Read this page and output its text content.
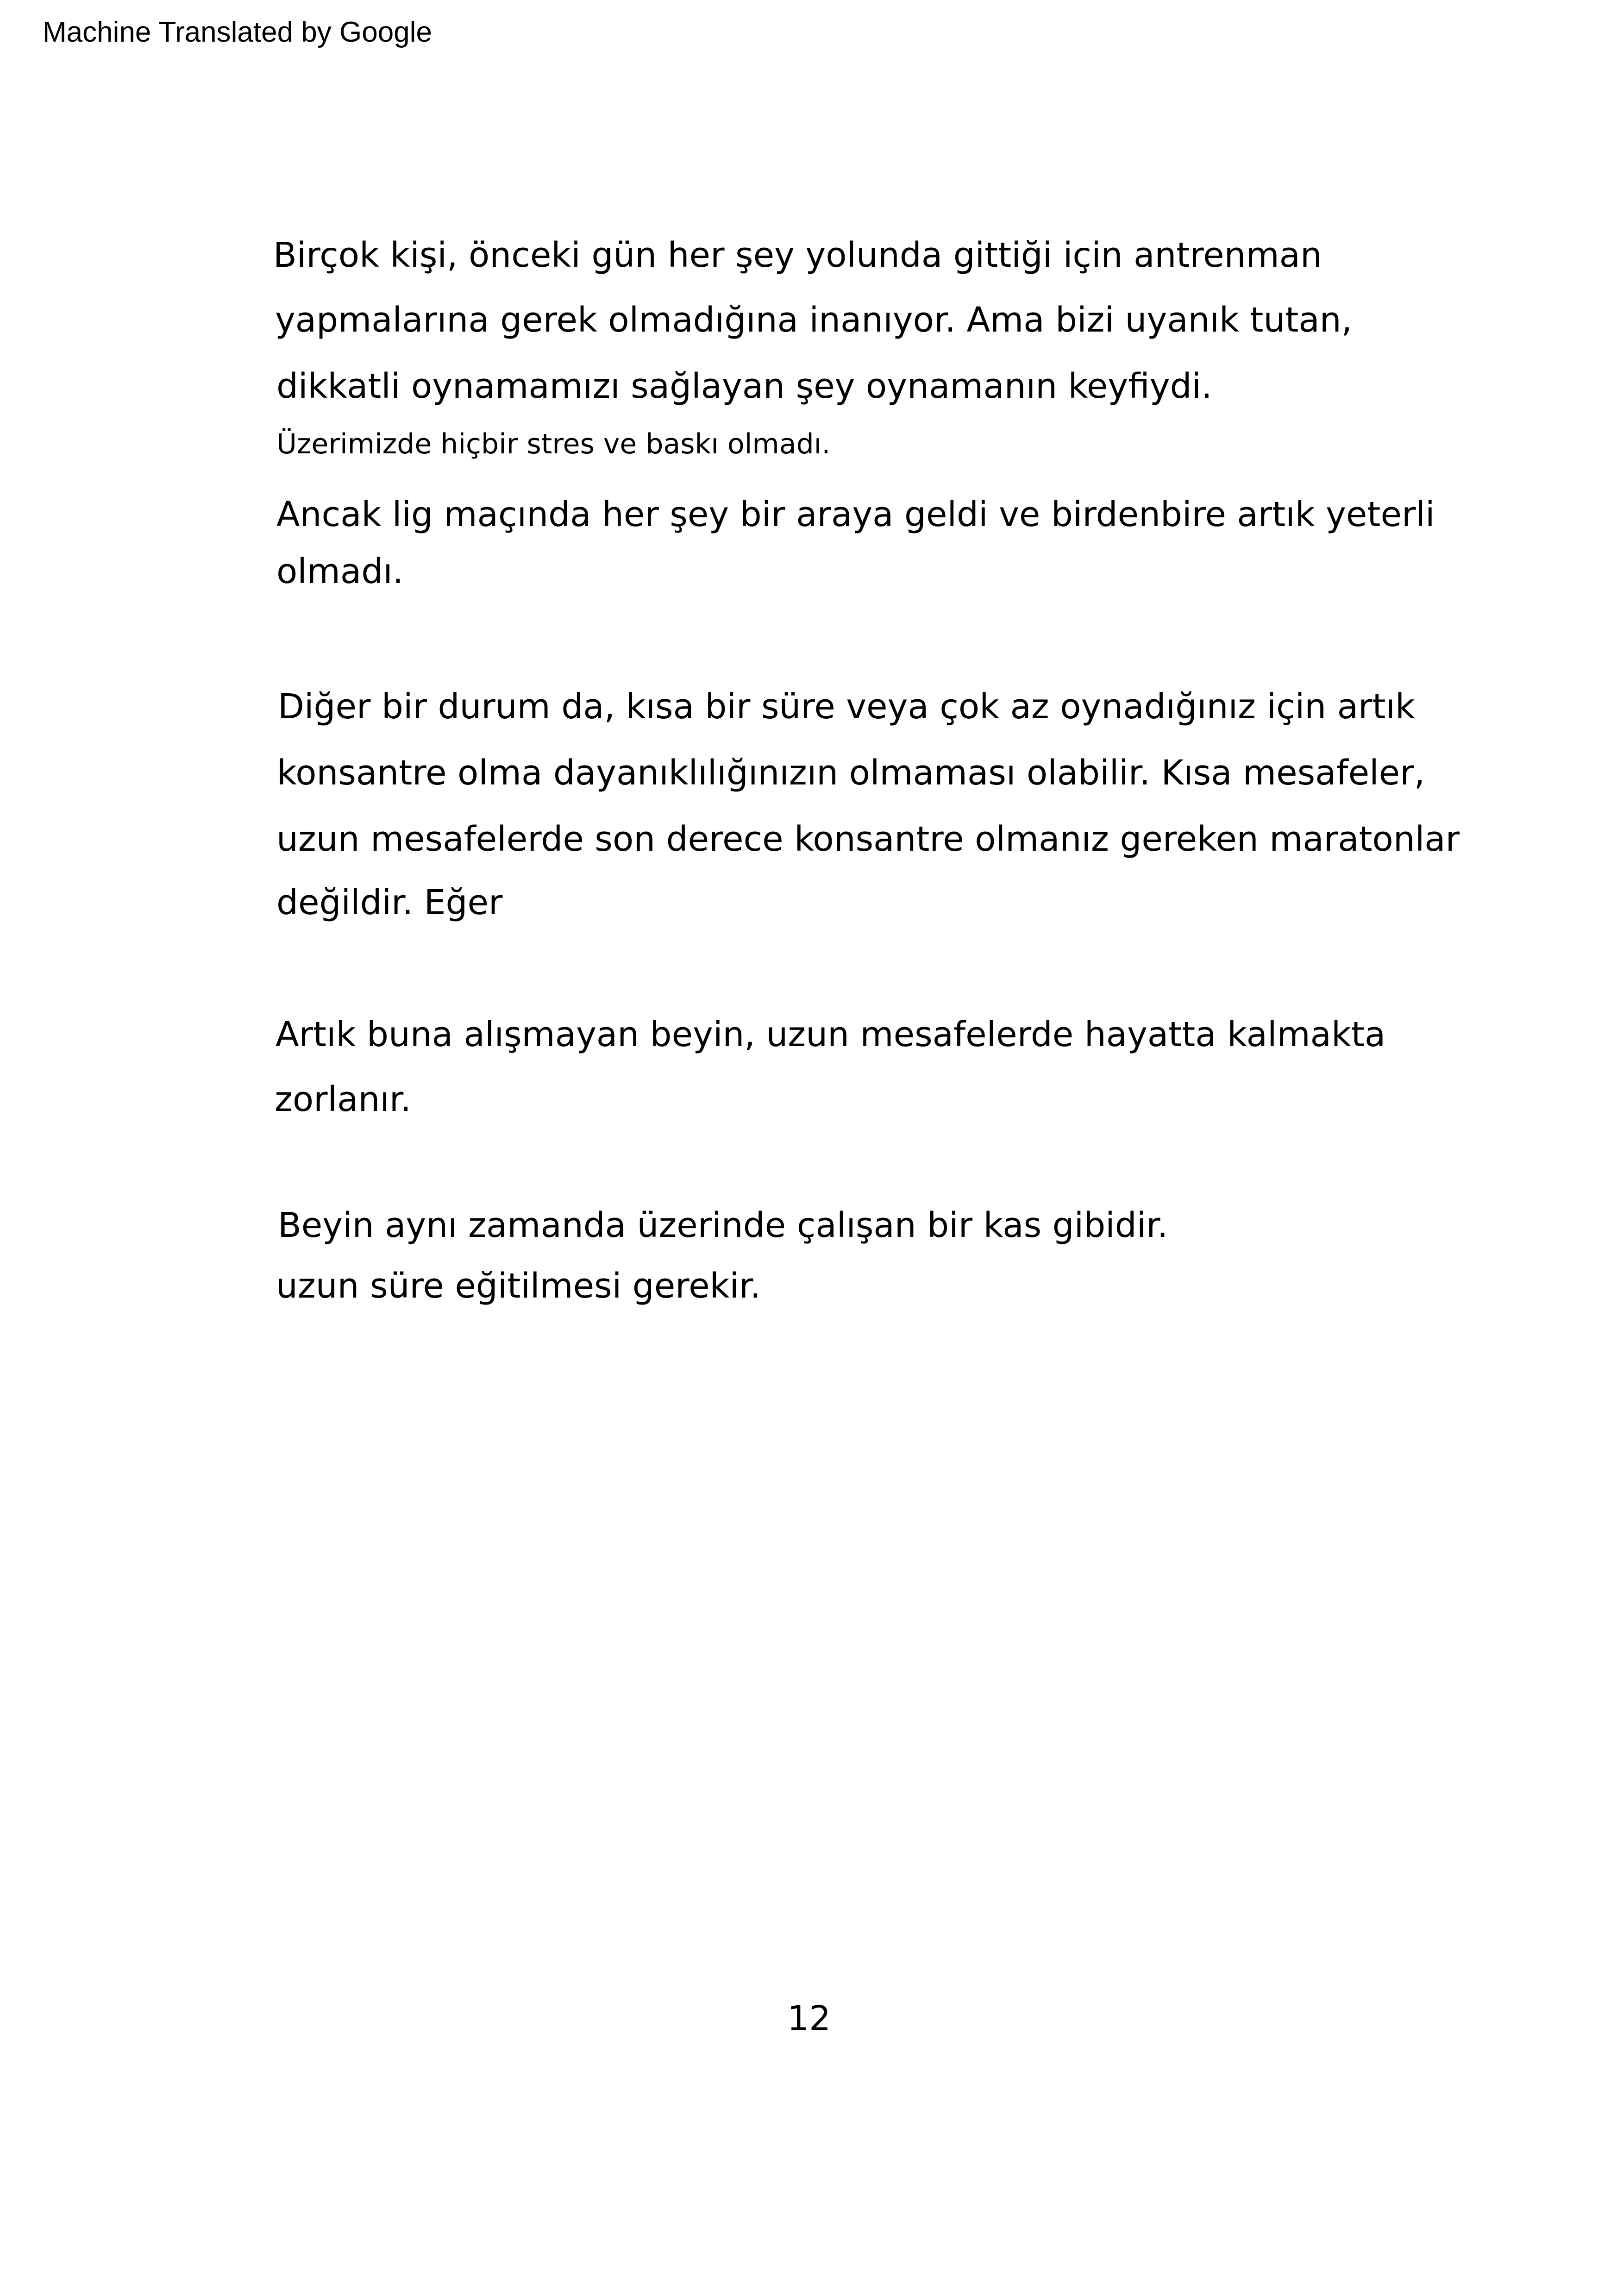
Machine Translated by Google
Birçok kişi, önceki gün her şey yolunda gittiği için antrenman
yapmalarına gerek olmadığına inanıyor. Ama bizi uyanık tutan,
dikkatli oynamamızı sağlayan şey oynamanın keyfiydi.
Üzerimizde hiçbir stres ve baskı olmadı.
Ancak lig maçında her şey bir araya geldi ve birdenbire artık yeterli
olmadı.
Diğer bir durum da, kısa bir süre veya çok az oynadığınız için artık
konsantre olma dayanıklılığınızın olmaması olabilir. Kısa mesafeler,
uzun mesafelerde son derece konsantre olmanız gereken maratonlar
değildir. Eğer
Artık buna alışmayan beyin, uzun mesafelerde hayatta kalmakta
zorlanır.
Beyin aynı zamanda üzerinde çalışan bir kas gibidir.
uzun süre eğitilmesi gerekir.
12
